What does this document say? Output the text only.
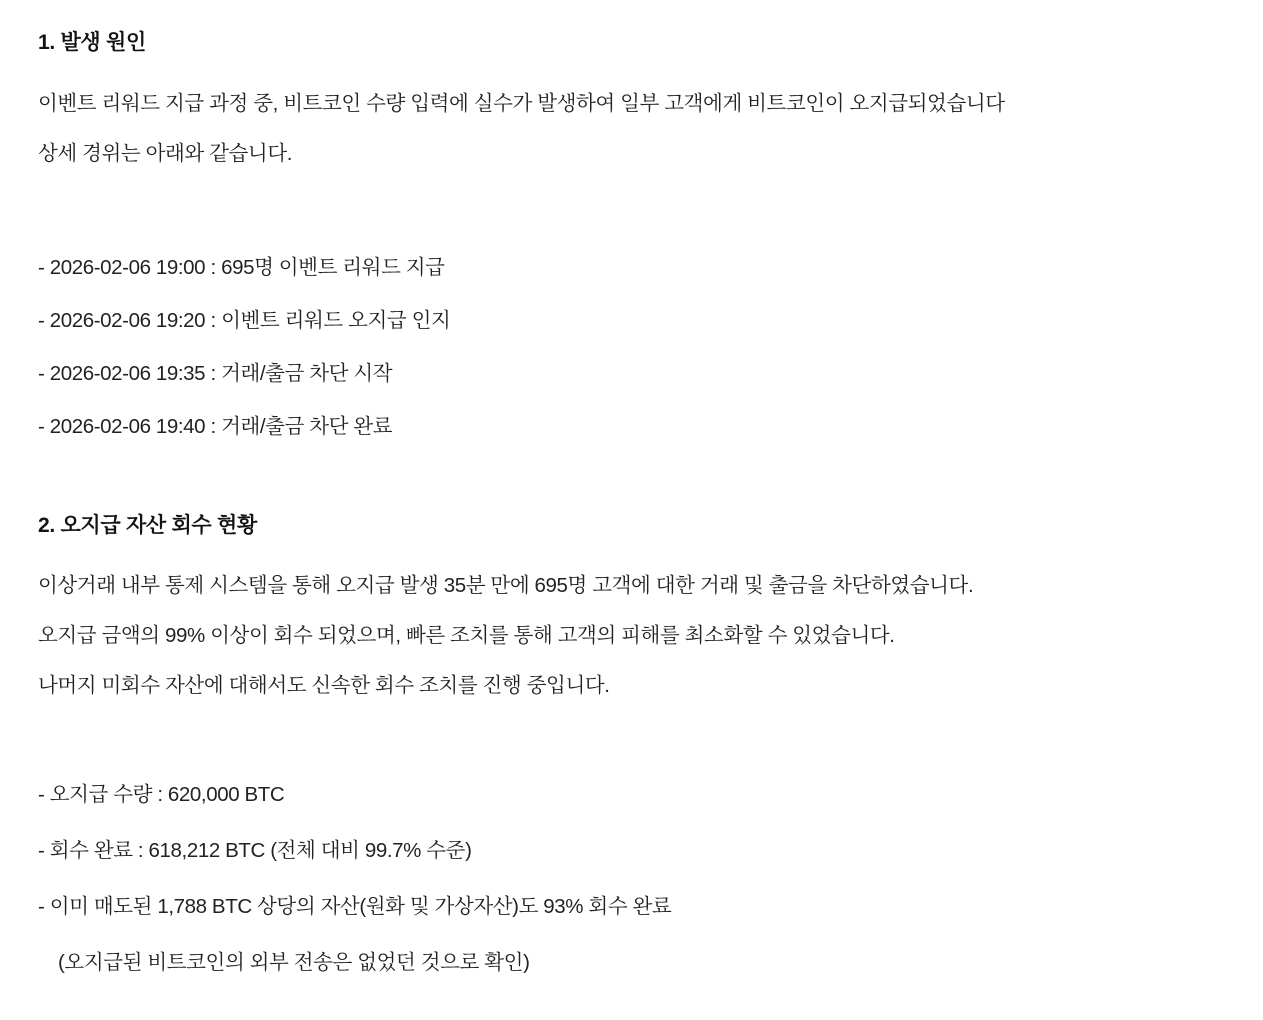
1. 발생 원인
이벤트 리워드 지급 과정 중, 비트코인 수량 입력에 실수가 발생하여 일부 고객에게 비트코인이 오지급되었습니다
상세 경위는 아래와 같습니다.
- 2026-02-06 19:00 : 695명 이벤트 리워드 지급
- 2026-02-06 19:20 : 이벤트 리워드 오지급 인지
- 2026-02-06 19:35 : 거래/출금 차단 시작
- 2026-02-06 19:40 : 거래/출금 차단 완료
2. 오지급 자산 회수 현황
이상거래 내부 통제 시스템을 통해 오지급 발생 35분 만에 695명 고객에 대한 거래 및 출금을 차단하였습니다.
오지급 금액의 99% 이상이 회수 되었으며, 빠른 조치를 통해 고객의 피해를 최소화할 수 있었습니다.
나머지 미회수 자산에 대해서도 신속한 회수 조치를 진행 중입니다.
- 오지급 수량 : 620,000 BTC
- 회수 완료 : 618,212 BTC (전체 대비 99.7% 수준)
- 이미 매도된 1,788 BTC 상당의 자산(원화 및 가상자산)도 93% 회수 완료
(오지급된 비트코인의 외부 전송은 없었던 것으로 확인)
